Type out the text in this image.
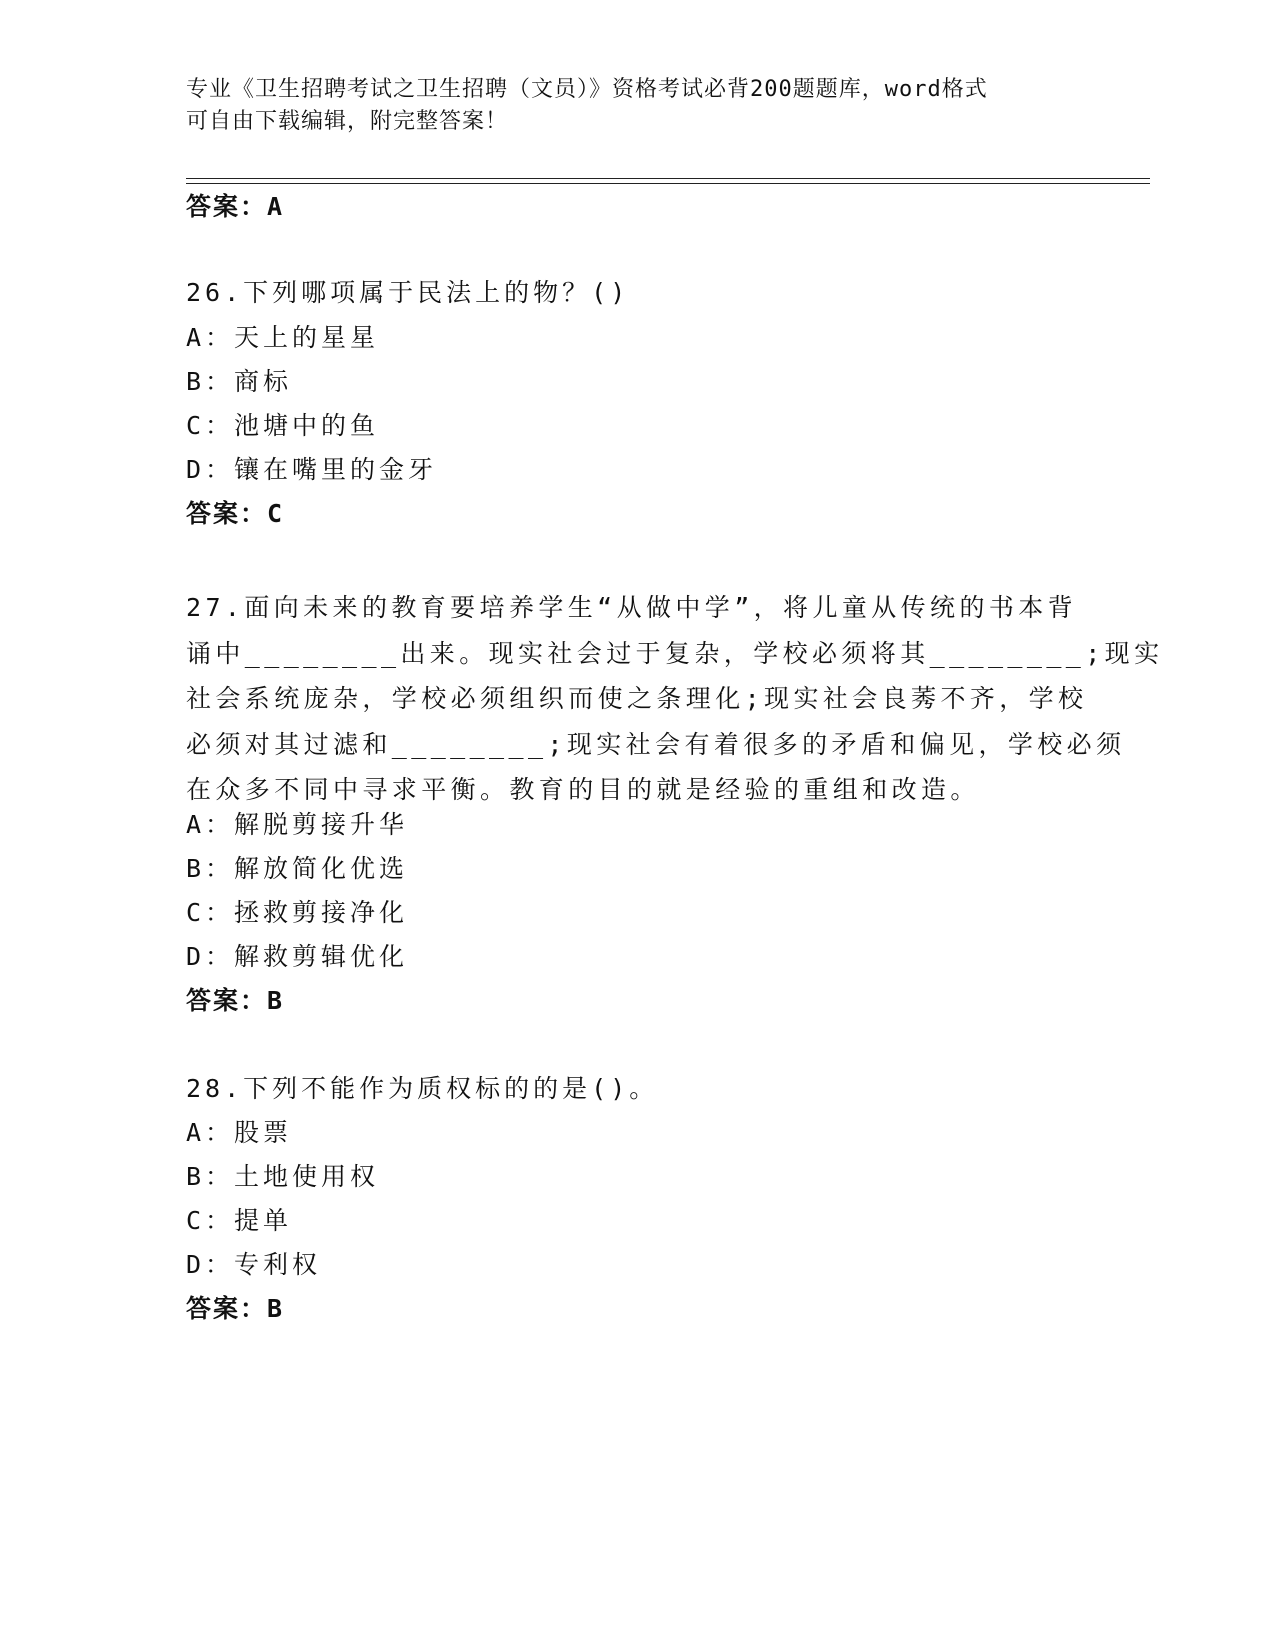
专业《卫生招聘考试之卫生招聘（文员）》资格考试必背200题题库，word格式
可自由下载编辑，附完整答案！
答案：A
26.下列哪项属于民法上的物？()
A：天上的星星
B：商标
C：池塘中的鱼
D：镶在嘴里的金牙
答案：C
27.面向未来的教育要培养学生“从做中学”，将儿童从传统的书本背
诵中________出来。现实社会过于复杂，学校必须将其________;现实
社会系统庞杂，学校必须组织而使之条理化;现实社会良莠不齐，学校
必须对其过滤和________;现实社会有着很多的矛盾和偏见，学校必须
在众多不同中寻求平衡。教育的目的就是经验的重组和改造。
A：解脱剪接升华
B：解放简化优选
C：拯救剪接净化
D：解救剪辑优化
答案：B
28.下列不能作为质权标的的是()。
A：股票
B：土地使用权
C：提单
D：专利权
答案：B
